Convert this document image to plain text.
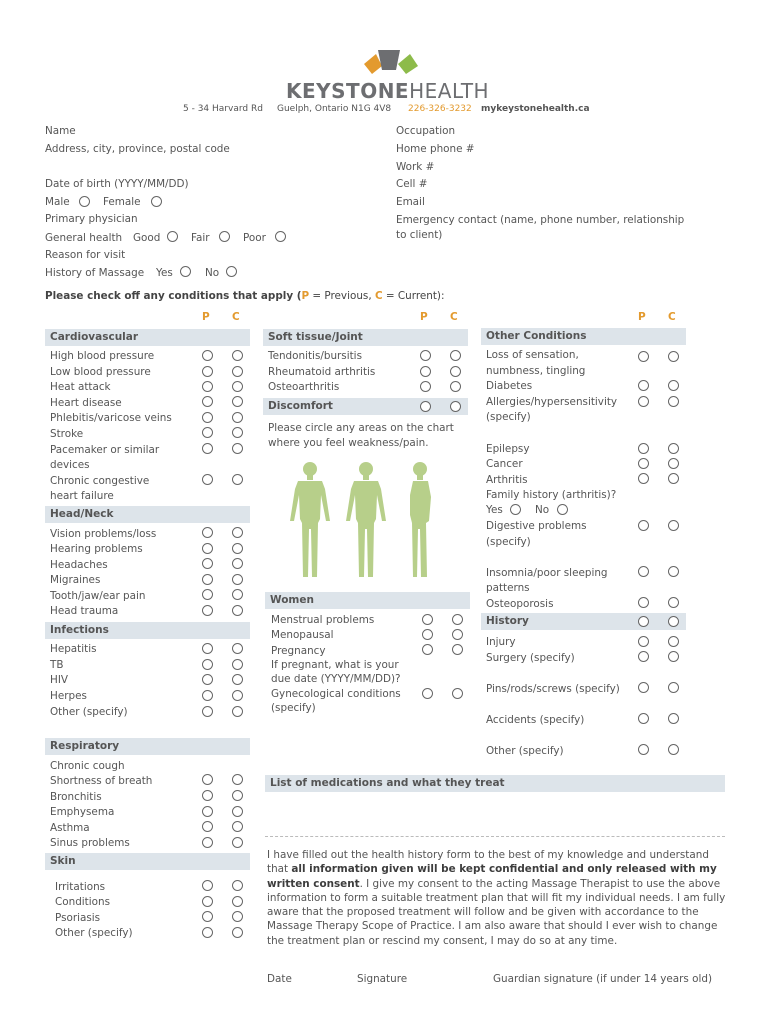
KEYSTONEHEALTH
5 - 34 Harvard Rd Guelph, Ontario N1G 4V8 226-326-3232 mykeystonehealth.ca
Name
Address, city, province, postal code
Date of birth (YYYY/MM/DD)
Male	Female
Primary physician
General health Good	Fair	Poor
Reason for visit
History of Massage Yes	No
Occupation
Home phone #
Work #
Cell #
Email
Emergency contact (name, phone number, relationship to client)
Please check off any conditions that apply (P = Previous, C = Current):
P C	P C	P C
Cardiovascular
High blood pressure
Low blood pressure
Heat attack
Heart disease
Phlebitis/varicose veins
Stroke
Pacemaker or similar
devices
Chronic congestive
heart failure
Head/Neck
Vision problems/loss
Hearing problems
Headaches
Migraines
Tooth/jaw/ear pain
Head trauma
Infections
Hepatitis
TB
HIV
Herpes
Other (specify)
Respiratory
Chronic cough
Shortness of breath
Bronchitis
Emphysema
Asthma
Sinus problems
Skin
Irritations
Conditions
Psoriasis
Other (specify)
Soft tissue/Joint
Tendonitis/bursitis
Rheumatoid arthritis
Osteoarthritis
Discomfort
Please circle any areas on the chart where you feel weakness/pain.
Women
Menstrual problems
Menopausal
Pregnancy
If pregnant, what is your
due date (YYYY/MM/DD)?
Gynecological conditions
(specify)
List of medications and what they treat
Other Conditions
Loss of sensation,
numbness, tingling
Diabetes
Allergies/hypersensitivity
(specify)
Epilepsy
Cancer
Arthritis
Family history (arthritis)?
Yes	No
Digestive problems
(specify)
Insomnia/poor sleeping
patterns
Osteoporosis
History
Injury
Surgery (specify)
Pins/rods/screws (specify)
Accidents (specify)
Other (specify)
I have filled out the health history form to the best of my knowledge and understand that all information given will be kept confidential and only released with my written consent. I give my consent to the acting Massage Therapist to use the above information to form a suitable treatment plan that will fit my individual needs. I am fully aware that the proposed treatment will follow and be given with accordance to the Massage Therapy Scope of Practice. I am also aware that should I ever wish to change the treatment plan or rescind my consent, I may do so at any time.
Date	Signature	Guardian signature (if under 14 years old)
